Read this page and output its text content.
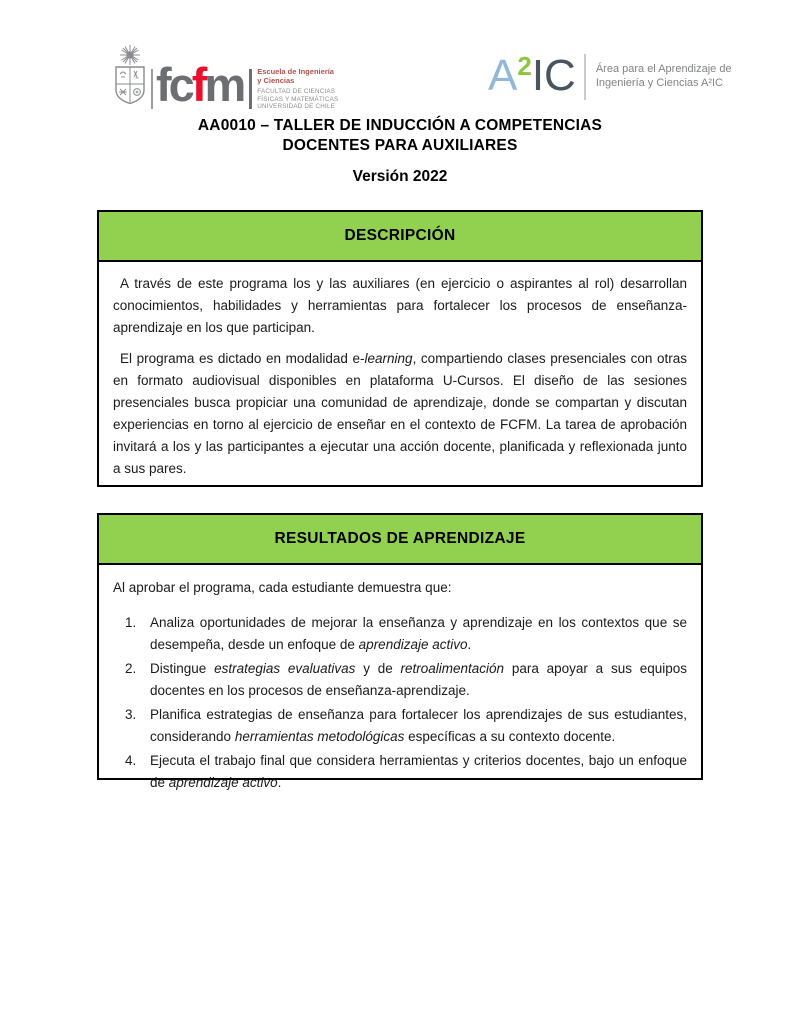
fcfm Escuela de Ingeniería
y Ciencias
FACULTAD DE CIENCIAS
FÍSICAS Y MATEMÁTICAS
UNIVERSIDAD DE CHILE
$A^2IC$ Área para el Aprendizaje de
Ingeniería y Ciencias A²IC
AA0010 – TALLER DE INDUCCIÓN A COMPETENCIAS
DOCENTES PARA AUXILIARES
Versión 2022
DESCRIPCIÓN

A través de este programa los y las auxiliares (en ejercicio o aspirantes al rol) desarrollan conocimientos, habilidades y herramientas para fortalecer los procesos de enseñanza-aprendizaje en los que participan.

El programa es dictado en modalidad e-learning, compartiendo clases presenciales con otras en formato audiovisual disponibles en plataforma U-Cursos. El diseño de las sesiones presenciales busca propiciar una comunidad de aprendizaje, donde se compartan y discutan experiencias en torno al ejercicio de enseñar en el contexto de FCFM. La tarea de aprobación invitará a los y las participantes a ejecutar una acción docente, planificada y reflexionada junto a sus pares.

RESULTADOS DE APRENDIZAJE

Al aprobar el programa, cada estudiante demuestra que:

1. Analiza oportunidades de mejorar la enseñanza y aprendizaje en los contextos que se desempeña, desde un enfoque de aprendizaje activo.
2. Distingue estrategias evaluativas y de retroalimentación para apoyar a sus equipos docentes en los procesos de enseñanza-aprendizaje.
3. Planifica estrategias de enseñanza para fortalecer los aprendizajes de sus estudiantes, considerando herramientas metodológicas específicas a su contexto docente.
4. Ejecuta el trabajo final que considera herramientas y criterios docentes, bajo un enfoque de aprendizaje activo.
